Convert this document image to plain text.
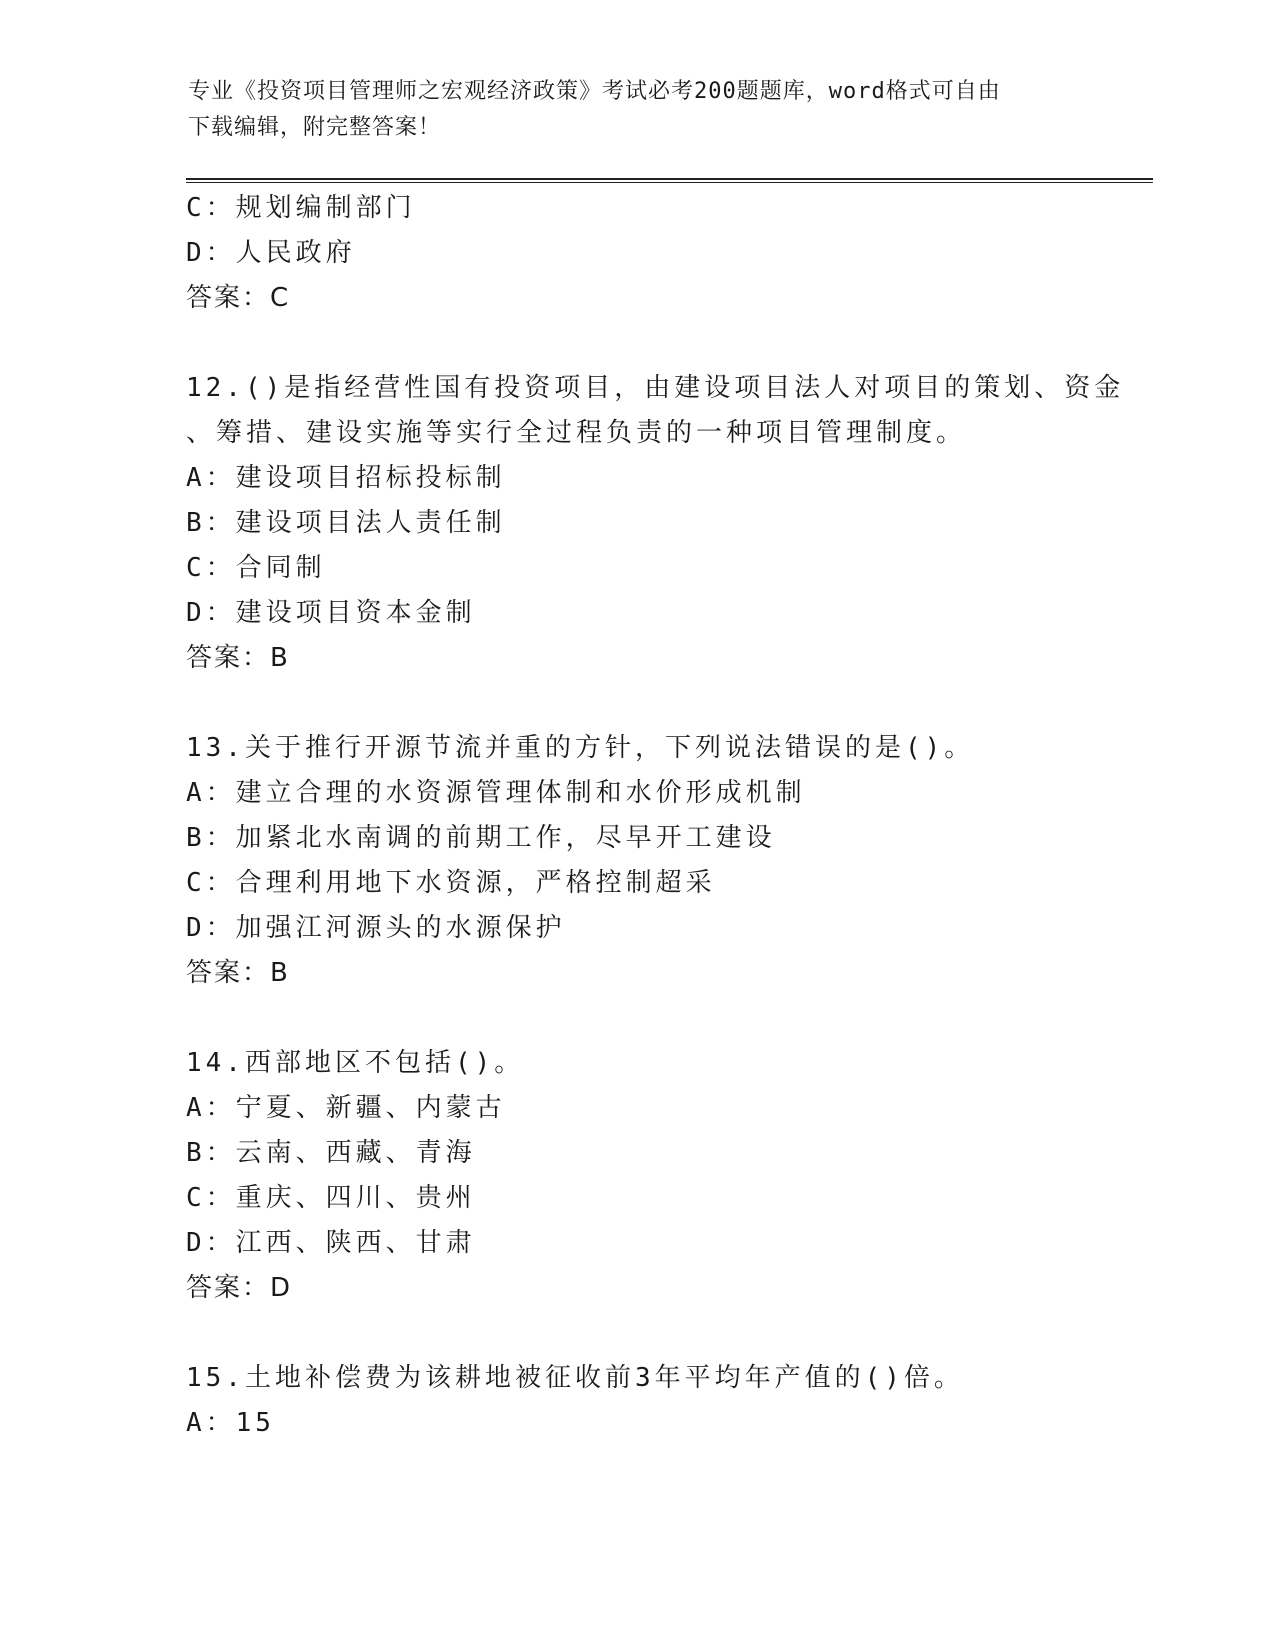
专业《投资项目管理师之宏观经济政策》考试必考200题题库，word格式可自由
下载编辑，附完整答案！
C：规划编制部门
D：人民政府
答案：C
12.()是指经营性国有投资项目，由建设项目法人对项目的策划、资金
、筹措、建设实施等实行全过程负责的一种项目管理制度。
A：建设项目招标投标制
B：建设项目法人责任制
C：合同制
D：建设项目资本金制
答案：B
13.关于推行开源节流并重的方针，下列说法错误的是()。
A：建立合理的水资源管理体制和水价形成机制
B：加紧北水南调的前期工作，尽早开工建设
C：合理利用地下水资源，严格控制超采
D：加强江河源头的水源保护
答案：B
14.西部地区不包括()。
A：宁夏、新疆、内蒙古
B：云南、西藏、青海
C：重庆、四川、贵州
D：江西、陕西、甘肃
答案：D
15.土地补偿费为该耕地被征收前3年平均年产值的()倍。
A：15
